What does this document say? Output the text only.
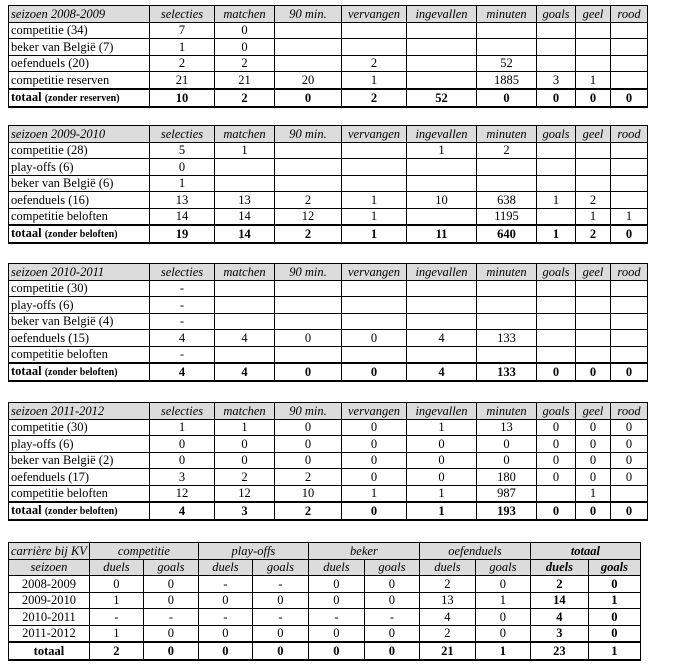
seizoen 2008-2009	selecties	matchen	90 min.	vervangen	ingevallen	minuten	goals	geel	rood
competitie (34)	7	0							
beker van België (7)	1	0							
oefenduels (20)	2	2		2		52			
competitie reserven	21	21	20	1		1885	3	1	
totaal (zonder reserven)	10	2	0	2	52	0	0	0	0
seizoen 2009-2010	selecties	matchen	90 min.	vervangen	ingevallen	minuten	goals	geel	rood
competitie (28)	5	1			1	2			
play-offs (6)	0								
beker van België (6)	1								
oefenduels (16)	13	13	2	1	10	638	1	2	
competitie beloften	14	14	12	1		1195		1	1
totaal (zonder beloften)	19	14	2	1	11	640	1	2	0
seizoen 2010-2011	selecties	matchen	90 min.	vervangen	ingevallen	minuten	goals	geel	rood
competitie (30)	-								
play-offs (6)	-								
beker van België (4)	-								
oefenduels (15)	4	4	0	0	4	133			
competitie beloften	-								
totaal (zonder beloften)	4	4	0	0	4	133	0	0	0
seizoen 2011-2012	selecties	matchen	90 min.	vervangen	ingevallen	minuten	goals	geel	rood
competitie (30)	1	1	0	0	1	13	0	0	0
play-offs (6)	0	0	0	0	0	0	0	0	0
beker van België (2)	0	0	0	0	0	0	0	0	0
oefenduels (17)	3	2	2	0	0	180	0	0	0
competitie beloften	12	12	10	1	1	987		1	
totaal (zonder beloften)	4	3	2	0	1	193	0	0	0
carrière bij KV	competitie		play-offs		beker		oefenduels		totaal	
seizoen	duels	goals	duels	goals	duels	goals	duels	goals	duels	goals
2008-2009	0	0	-	-	0	0	2	0	2	0
2009-2010	1	0	0	0	0	0	13	1	14	1
2010-2011	-	-	-	-	-	-	4	0	4	0
2011-2012	1	0	0	0	0	0	2	0	3	0
totaal	2	0	0	0	0	0	21	1	23	1
